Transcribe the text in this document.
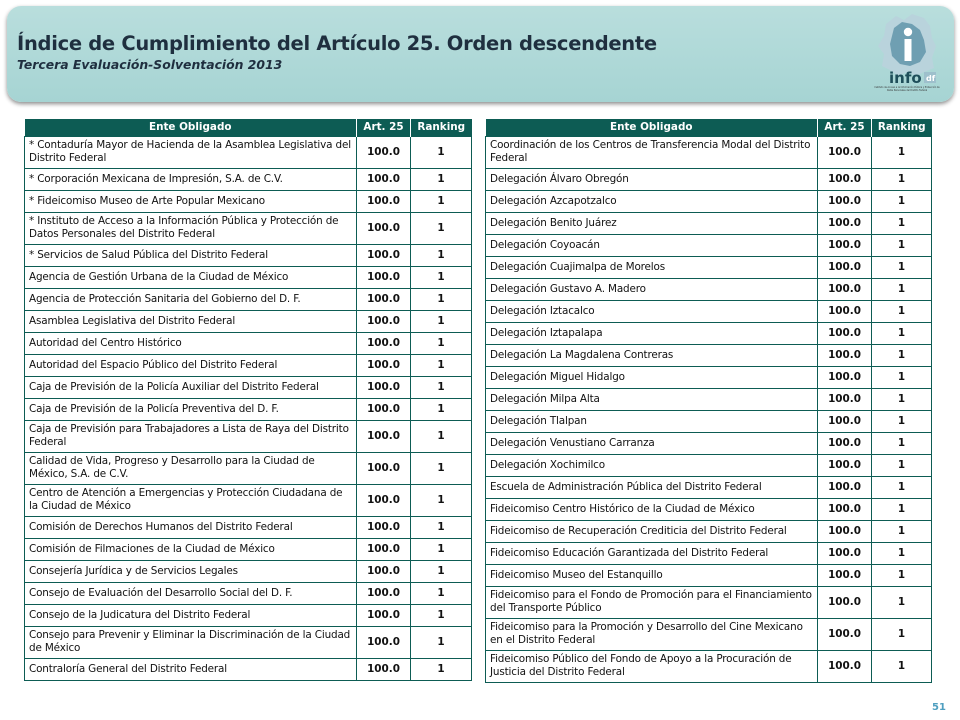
Índice de Cumplimiento del Artículo 25. Orden descendente
Tercera Evaluación-Solventación 2013
info df
Instituto de Acceso a la Información Pública y Protección de Datos Personales del Distrito Federal
Ente Obligado	Art. 25	Ranking
* Contaduría Mayor de Hacienda de la Asamblea Legislativa del Distrito Federal	100.0	1
* Corporación Mexicana de Impresión, S.A. de C.V.	100.0	1
* Fideicomiso Museo de Arte Popular Mexicano	100.0	1
* Instituto de Acceso a la Información Pública y Protección de Datos Personales del Distrito Federal	100.0	1
* Servicios de Salud Pública del Distrito Federal	100.0	1
Agencia de Gestión Urbana de la Ciudad de México	100.0	1
Agencia de Protección Sanitaria del Gobierno del D. F.	100.0	1
Asamblea Legislativa del Distrito Federal	100.0	1
Autoridad del Centro Histórico	100.0	1
Autoridad del Espacio Público del Distrito Federal	100.0	1
Caja de Previsión de la Policía Auxiliar del Distrito Federal	100.0	1
Caja de Previsión de la Policía Preventiva del D. F.	100.0	1
Caja de Previsión para Trabajadores a Lista de Raya del Distrito Federal	100.0	1
Calidad de Vida, Progreso y Desarrollo para la Ciudad de México, S.A. de C.V.	100.0	1
Centro de Atención a Emergencias y Protección Ciudadana de la Ciudad de México	100.0	1
Comisión de Derechos Humanos del Distrito Federal	100.0	1
Comisión de Filmaciones de la Ciudad de México	100.0	1
Consejería Jurídica y de Servicios Legales	100.0	1
Consejo de Evaluación del Desarrollo Social del D. F.	100.0	1
Consejo de la Judicatura del Distrito Federal	100.0	1
Consejo para Prevenir y Eliminar la Discriminación de la Ciudad de México	100.0	1
Contraloría General del Distrito Federal	100.0	1
Ente Obligado	Art. 25	Ranking
Coordinación de los Centros de Transferencia Modal del Distrito Federal	100.0	1
Delegación Álvaro Obregón	100.0	1
Delegación Azcapotzalco	100.0	1
Delegación Benito Juárez	100.0	1
Delegación Coyoacán	100.0	1
Delegación Cuajimalpa de Morelos	100.0	1
Delegación Gustavo A. Madero	100.0	1
Delegación Iztacalco	100.0	1
Delegación Iztapalapa	100.0	1
Delegación La Magdalena Contreras	100.0	1
Delegación Miguel Hidalgo	100.0	1
Delegación Milpa Alta	100.0	1
Delegación Tlalpan	100.0	1
Delegación Venustiano Carranza	100.0	1
Delegación Xochimilco	100.0	1
Escuela de Administración Pública del Distrito Federal	100.0	1
Fideicomiso Centro Histórico de la Ciudad de México	100.0	1
Fideicomiso de Recuperación Crediticia del Distrito Federal	100.0	1
Fideicomiso Educación Garantizada del Distrito Federal	100.0	1
Fideicomiso Museo del Estanquillo	100.0	1
Fideicomiso para el Fondo de Promoción para el Financiamiento del Transporte Público	100.0	1
Fideicomiso para la Promoción y Desarrollo del Cine Mexicano en el Distrito Federal	100.0	1
Fideicomiso Público del Fondo de Apoyo a la Procuración de Justicia del Distrito Federal	100.0	1
51
